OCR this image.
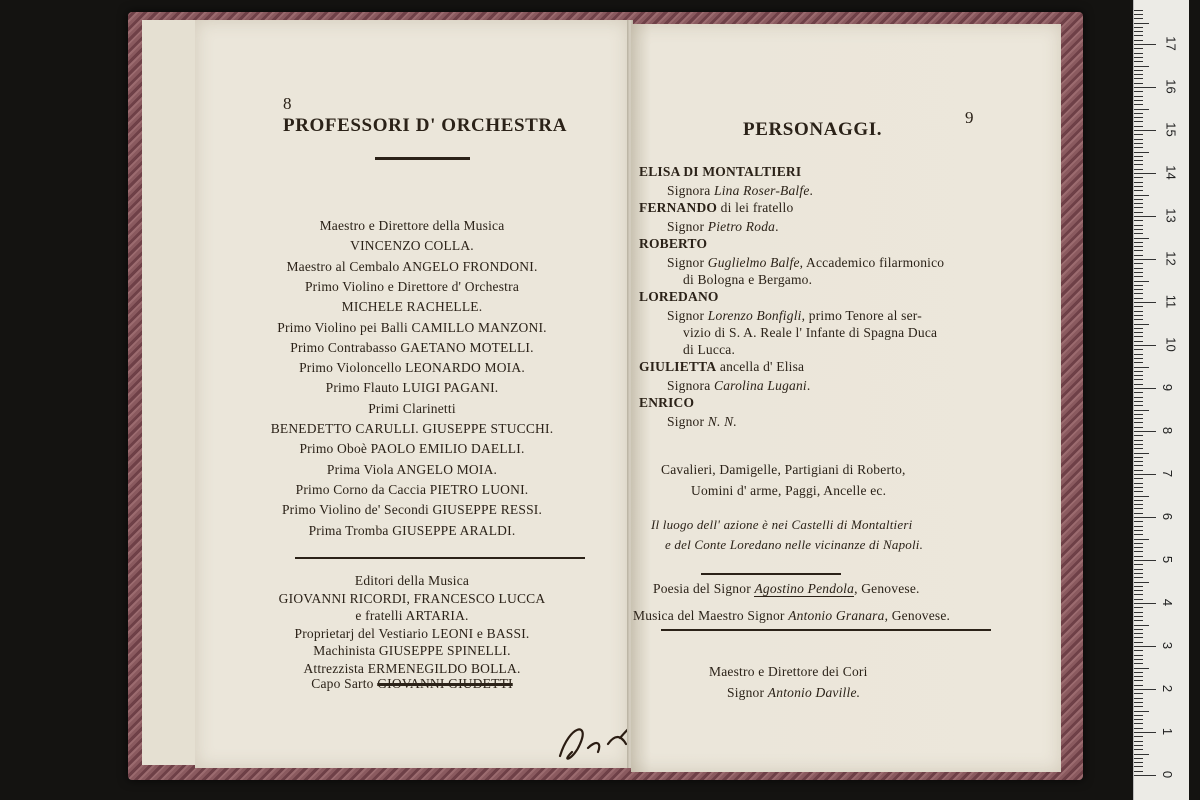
8
PROFESSORI D' ORCHESTRA
Maestro e Direttore della Musica
VINCENZO COLLA.
Maestro al Cembalo ANGELO FRONDONI.
Primo Violino e Direttore d' Orchestra
MICHELE RACHELLE.
Primo Violino pei Balli CAMILLO MANZONI.
Primo Contrabasso GAETANO MOTELLI.
Primo Violoncello LEONARDO MOIA.
Primo Flauto LUIGI PAGANI.
Primi Clarinetti
BENEDETTO CARULLI. GIUSEPPE STUCCHI.
Primo Oboè PAOLO EMILIO DAELLI.
Prima Viola ANGELO MOIA.
Primo Corno da Caccia PIETRO LUONI.
Primo Violino de' Secondi GIUSEPPE RESSI.
Prima Tromba GIUSEPPE ARALDI.
Editori della Musica
GIOVANNI RICORDI, FRANCESCO LUCCA
e fratelli ARTARIA.
Proprietarj del Vestiario LEONI e BASSI.
Machinista GIUSEPPE SPINELLI.
Attrezzista ERMENEGILDO BOLLA.
Capo Sarto GIOVANNI GIUDETTI
PERSONAGGI.
9
ELISA DI MONTALTIERI
Signora Lina Roser-Balfe.
FERNANDO di lei fratello
Signor Pietro Roda.
ROBERTO
Signor Guglielmo Balfe, Accademico filarmonico
di Bologna e Bergamo.
LOREDANO
Signor Lorenzo Bonfigli, primo Tenore al ser-
vizio di S. A. Reale l' Infante di Spagna Duca
di Lucca.
GIULIETTA ancella d' Elisa
Signora Carolina Lugani.
ENRICO
Signor N. N.
Cavalieri, Damigelle, Partigiani di Roberto,
Uomini d' arme, Paggi, Ancelle ec.
Il luogo dell' azione è nei Castelli di Montaltieri
e del Conte Loredano nelle vicinanze di Napoli.
Poesia del Signor Agostino Pendola, Genovese.
Musica del Maestro Signor Antonio Granara, Genovese.
Maestro e Direttore dei Cori
Signor Antonio Daville.
0
1
2
3
4
5
6
7
8
9
10
11
12
13
14
15
16
17
